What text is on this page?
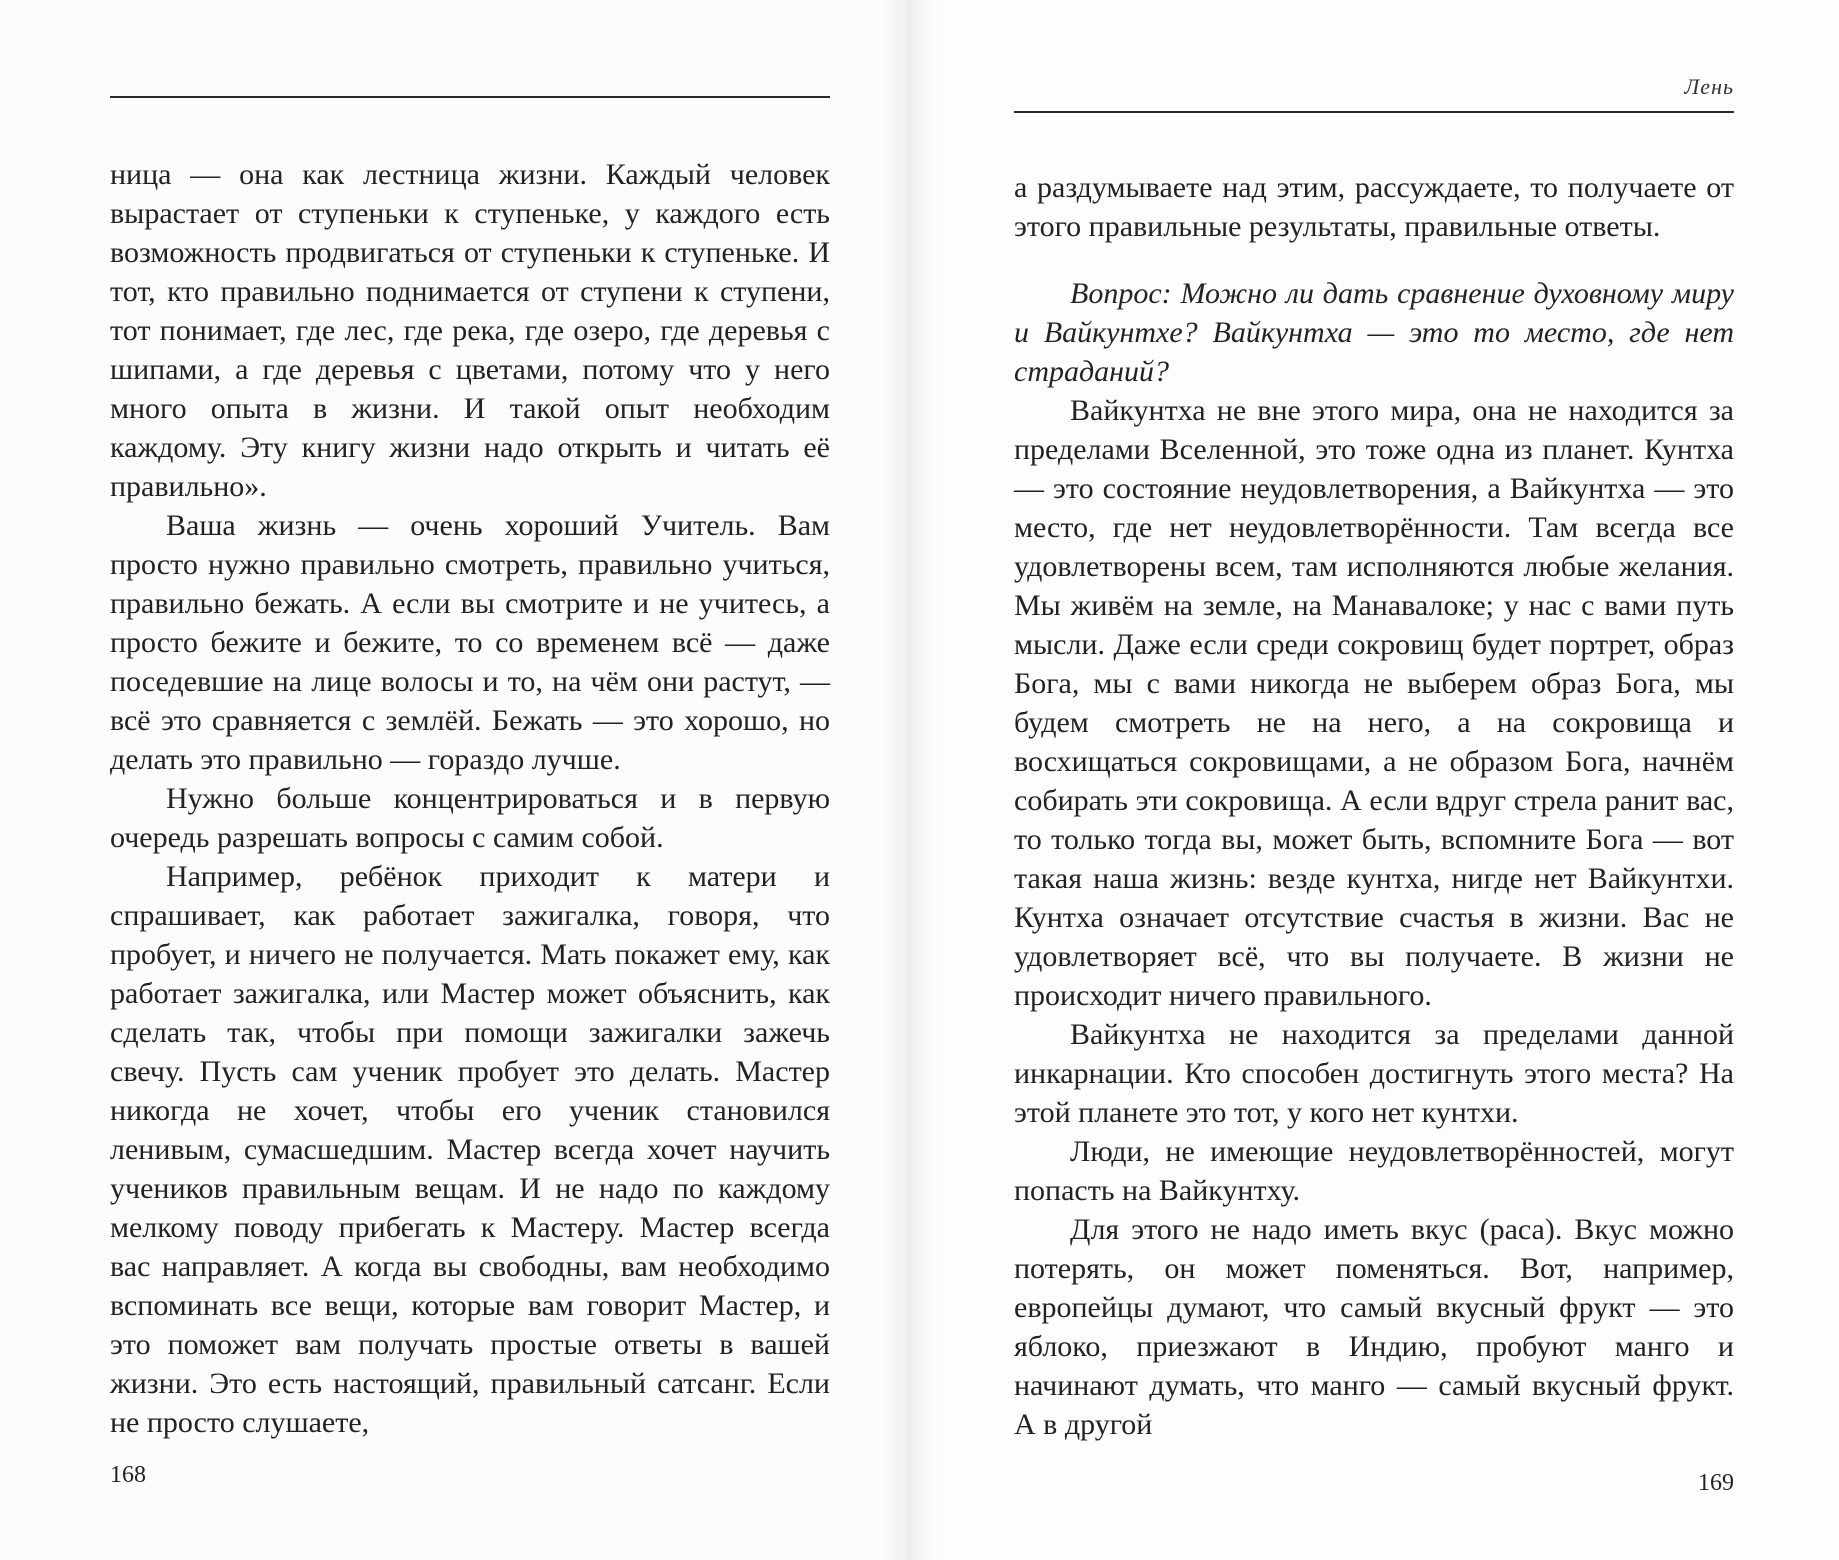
Лень

ница — она как лестница жизни. Каждый человек вырастает от ступеньки к ступеньке, у каждого есть возможность продвигаться от ступеньки к ступеньке. И тот, кто правильно поднимается от ступени к ступени, тот понимает, где лес, где река, где озеро, где деревья с шипами, а где деревья с цветами, потому что у него много опыта в жизни. И такой опыт необходим каждому. Эту книгу жизни надо открыть и читать её правильно».

Ваша жизнь — очень хороший Учитель. Вам просто нужно правильно смотреть, правильно учиться, правильно бежать. А если вы смотрите и не учитесь, а просто бежите и бежите, то со временем всё — даже поседевшие на лице волосы и то, на чём они растут, — всё это сравняется с землёй. Бежать — это хорошо, но делать это правильно — гораздо лучше.

Нужно больше концентрироваться и в первую очередь разрешать вопросы с самим собой.

Например, ребёнок приходит к матери и спрашивает, как работает зажигалка, говоря, что пробует, и ничего не получается. Мать покажет ему, как работает зажигалка, или Мастер может объяснить, как сделать так, чтобы при помощи зажигалки зажечь свечу. Пусть сам ученик пробует это делать. Мастер никогда не хочет, чтобы его ученик становился ленивым, сумасшедшим. Мастер всегда хочет научить учеников правильным вещам. И не надо по каждому мелкому поводу прибегать к Мастеру. Мастер всегда вас направляет. А когда вы свободны, вам необходимо вспоминать все вещи, которые вам говорит Мастер, и это поможет вам получать простые ответы в вашей жизни. Это есть настоящий, правильный сатсанг. Если не просто слушаете,

а раздумываете над этим, рассуждаете, то получаете от этого правильные результаты, правильные ответы.

Вопрос: Можно ли дать сравнение духовному миру и Вайкунтхе? Вайкунтха — это то место, где нет страданий?

Вайкунтха не вне этого мира, она не находится за пределами Вселенной, это тоже одна из планет. Кунтха — это состояние неудовлетворения, а Вайкунтха — это место, где нет неудовлетворённости. Там всегда все удовлетворены всем, там исполняются любые желания. Мы живём на земле, на Манавалоке; у нас с вами путь мысли. Даже если среди сокровищ будет портрет, образ Бога, мы с вами никогда не выберем образ Бога, мы будем смотреть не на него, а на сокровища и восхищаться сокровищами, а не образом Бога, начнём собирать эти сокровища. А если вдруг стрела ранит вас, то только тогда вы, может быть, вспомните Бога — вот такая наша жизнь: везде кунтха, нигде нет Вайкунтхи. Кунтха означает отсутствие счастья в жизни. Вас не удовлетворяет всё, что вы получаете. В жизни не происходит ничего правильного.

Вайкунтха не находится за пределами данной инкарнации. Кто способен достигнуть этого места? На этой планете это тот, у кого нет кунтхи.

Люди, не имеющие неудовлетворённостей, могут попасть на Вайкунтху.

Для этого не надо иметь вкус (раса). Вкус можно потерять, он может поменяться. Вот, например, европейцы думают, что самый вкусный фрукт — это яблоко, приезжают в Индию, пробуют манго и начинают думать, что манго — самый вкусный фрукт. А в другой

168	169
